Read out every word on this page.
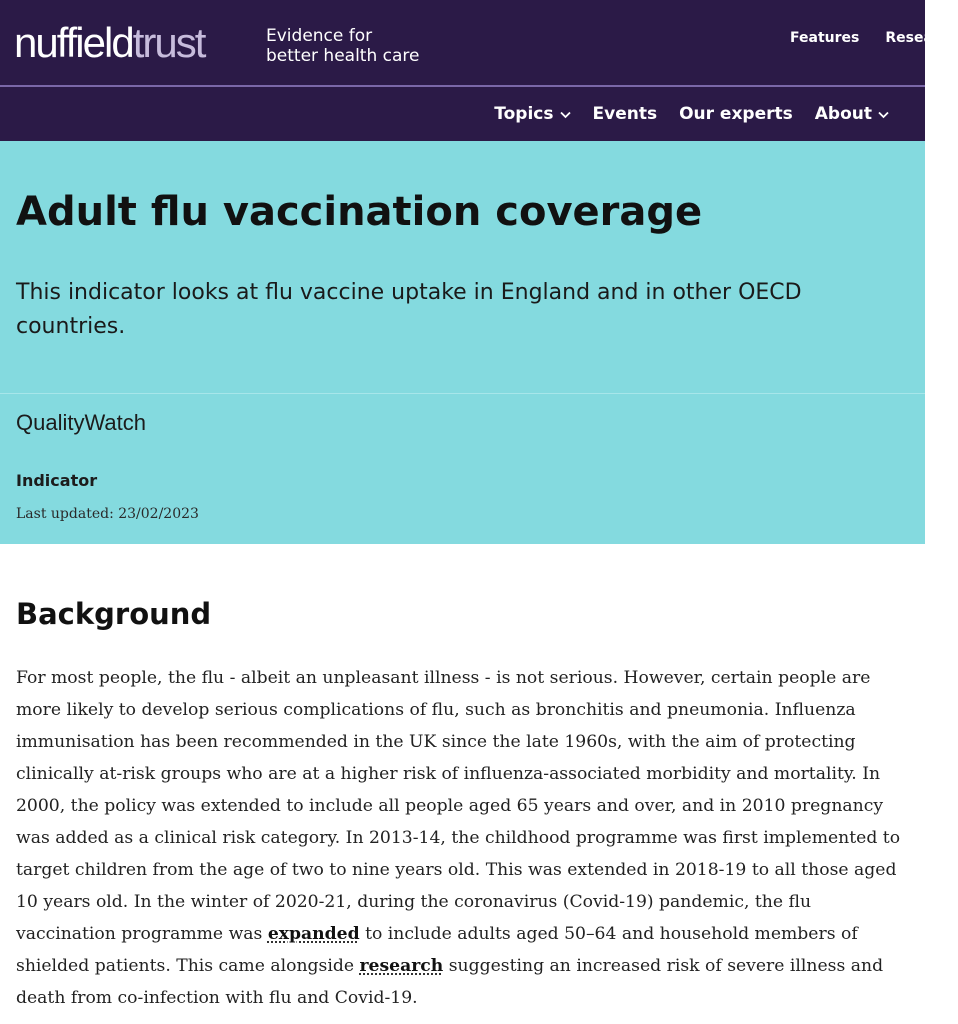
nuffieldtrust	Evidence for
better health care
Features Research
Topics Events Our experts About
Adult flu vaccination coverage

This indicator looks at flu vaccine uptake in England and in other OECD countries.

QualityWatch
Indicator
Last updated: 23/02/2023
Background

For most people, the flu - albeit an unpleasant illness - is not serious. However, certain people are more likely to develop serious complications of flu, such as bronchitis and pneumonia. Influenza immunisation has been recommended in the UK since the late 1960s, with the aim of protecting clinically at-risk groups who are at a higher risk of influenza-associated morbidity and mortality. In 2000, the policy was extended to include all people aged 65 years and over, and in 2010 pregnancy was added as a clinical risk category. In 2013-14, the childhood programme was first implemented to target children from the age of two to nine years old. This was extended in 2018-19 to all those aged 10 years old. In the winter of 2020-21, during the coronavirus (Covid-19) pandemic, the flu vaccination programme was expanded to include adults aged 50–64 and household members of shielded patients. This came alongside research suggesting an increased risk of severe illness and death from co-infection with flu and Covid-19.
